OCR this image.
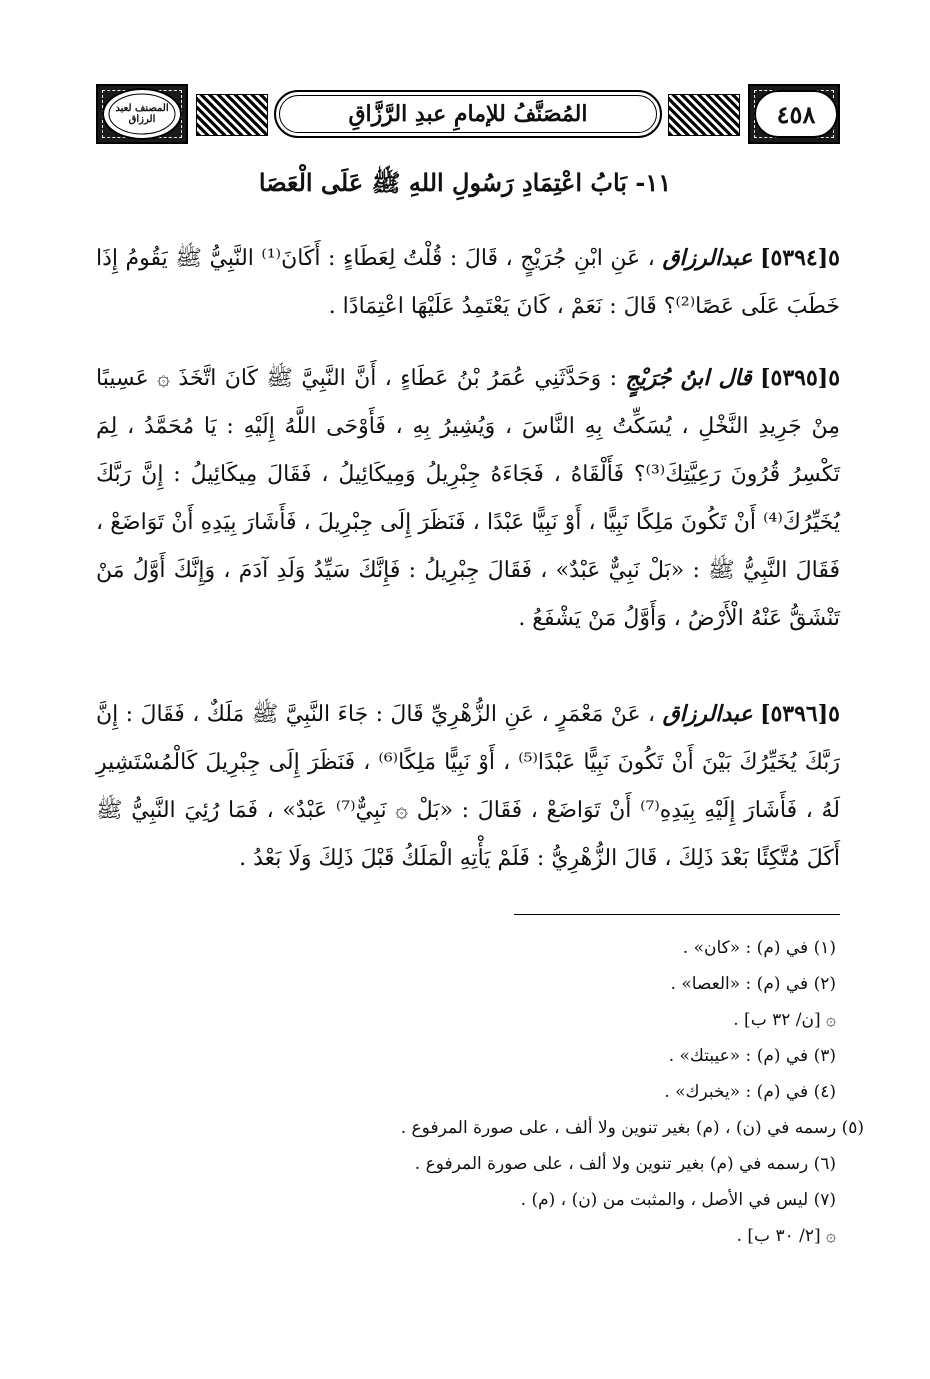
المصنف لعبد الرزاق	المُصَنَّفُ للإمامِ عبدِ الرَّزَّاقِ	٤٥٨
١١- بَابُ اعْتِمَادِ رَسُولِ اللهِ ﷺ عَلَى الْعَصَا
٥[٥٣٩٤] عبدالرزاق ، عَنِ ابْنِ جُرَيْجٍ ، قَالَ : قُلْتُ لِعَطَاءٍ : أَكَانَ⁽¹⁾ النَّبِيُّ ﷺ يَقُومُ إِذَا خَطَبَ عَلَى عَصًا⁽²⁾؟ قَالَ : نَعَمْ ، كَانَ يَعْتَمِدُ عَلَيْهَا اعْتِمَادًا .
٥[٥٣٩٥] قال ابنُ جُرَيْجٍ : وَحَدَّثَنِي عُمَرُ بْنُ عَطَاءٍ ، أَنَّ النَّبِيَّ ﷺ كَانَ اتَّخَذَ ۞ عَسِيبًا مِنْ جَرِيدِ النَّخْلِ ، يُسَكِّتُ بِهِ النَّاسَ ، وَيُشِيرُ بِهِ ، فَأَوْحَى اللَّهُ إِلَيْهِ : يَا مُحَمَّدُ ، لِمَ تَكْسِرُ قُرُونَ رَعِيَّتِكَ⁽³⁾؟ فَأَلْقَاهُ ، فَجَاءَهُ جِبْرِيلُ وَمِيكَائِيلُ ، فَقَالَ مِيكَائِيلُ : إِنَّ رَبَّكَ يُخَيِّرُكَ⁽⁴⁾ أَنْ تَكُونَ مَلِكًا نَبِيًّا ، أَوْ نَبِيًّا عَبْدًا ، فَنَظَرَ إِلَى جِبْرِيلَ ، فَأَشَارَ بِيَدِهِ أَنْ تَوَاضَعْ ، فَقَالَ النَّبِيُّ ﷺ : «بَلْ نَبِيٌّ عَبْدٌ» ، فَقَالَ جِبْرِيلُ : فَإِنَّكَ سَيِّدُ وَلَدِ آدَمَ ، وَإِنَّكَ أَوَّلُ مَنْ تَنْشَقُّ عَنْهُ الْأَرْضُ ، وَأَوَّلُ مَنْ يَشْفَعُ .
٥[٥٣٩٦] عبدالرزاق ، عَنْ مَعْمَرٍ ، عَنِ الزُّهْرِيِّ قَالَ : جَاءَ النَّبِيَّ ﷺ مَلَكٌ ، فَقَالَ : إِنَّ رَبَّكَ يُخَيِّرُكَ بَيْنَ أَنْ تَكُونَ نَبِيًّا عَبْدًا⁽⁵⁾ ، أَوْ نَبِيًّا مَلِكًا⁽⁶⁾ ، فَنَظَرَ إِلَى جِبْرِيلَ كَالْمُسْتَشِيرِ لَهُ ، فَأَشَارَ إِلَيْهِ بِيَدِهِ⁽⁷⁾ أَنْ تَوَاضَعْ ، فَقَالَ : «بَلْ ۞ نَبِيٌّ⁽⁷⁾ عَبْدٌ» ، فَمَا رُئِيَ النَّبِيُّ ﷺ أَكَلَ مُتَّكِئًا بَعْدَ ذَلِكَ ، قَالَ الزُّهْرِيُّ : فَلَمْ يَأْتِهِ الْمَلَكُ قَبْلَ ذَلِكَ وَلَا بَعْدُ .
(١) في (م) : «كان» .
(٢) في (م) : «العصا» .
۞ [ن/ ٣٢ ب] .
(٣) في (م) : «عيبتك» .
(٤) في (م) : «يخبرك» .
(٥) رسمه في (ن) ، (م) بغير تنوين ولا ألف ، على صورة المرفوع .
(٦) رسمه في (م) بغير تنوين ولا ألف ، على صورة المرفوع .
(٧) ليس في الأصل ، والمثبت من (ن) ، (م) .
۞ [٢/ ٣٠ ب] .
